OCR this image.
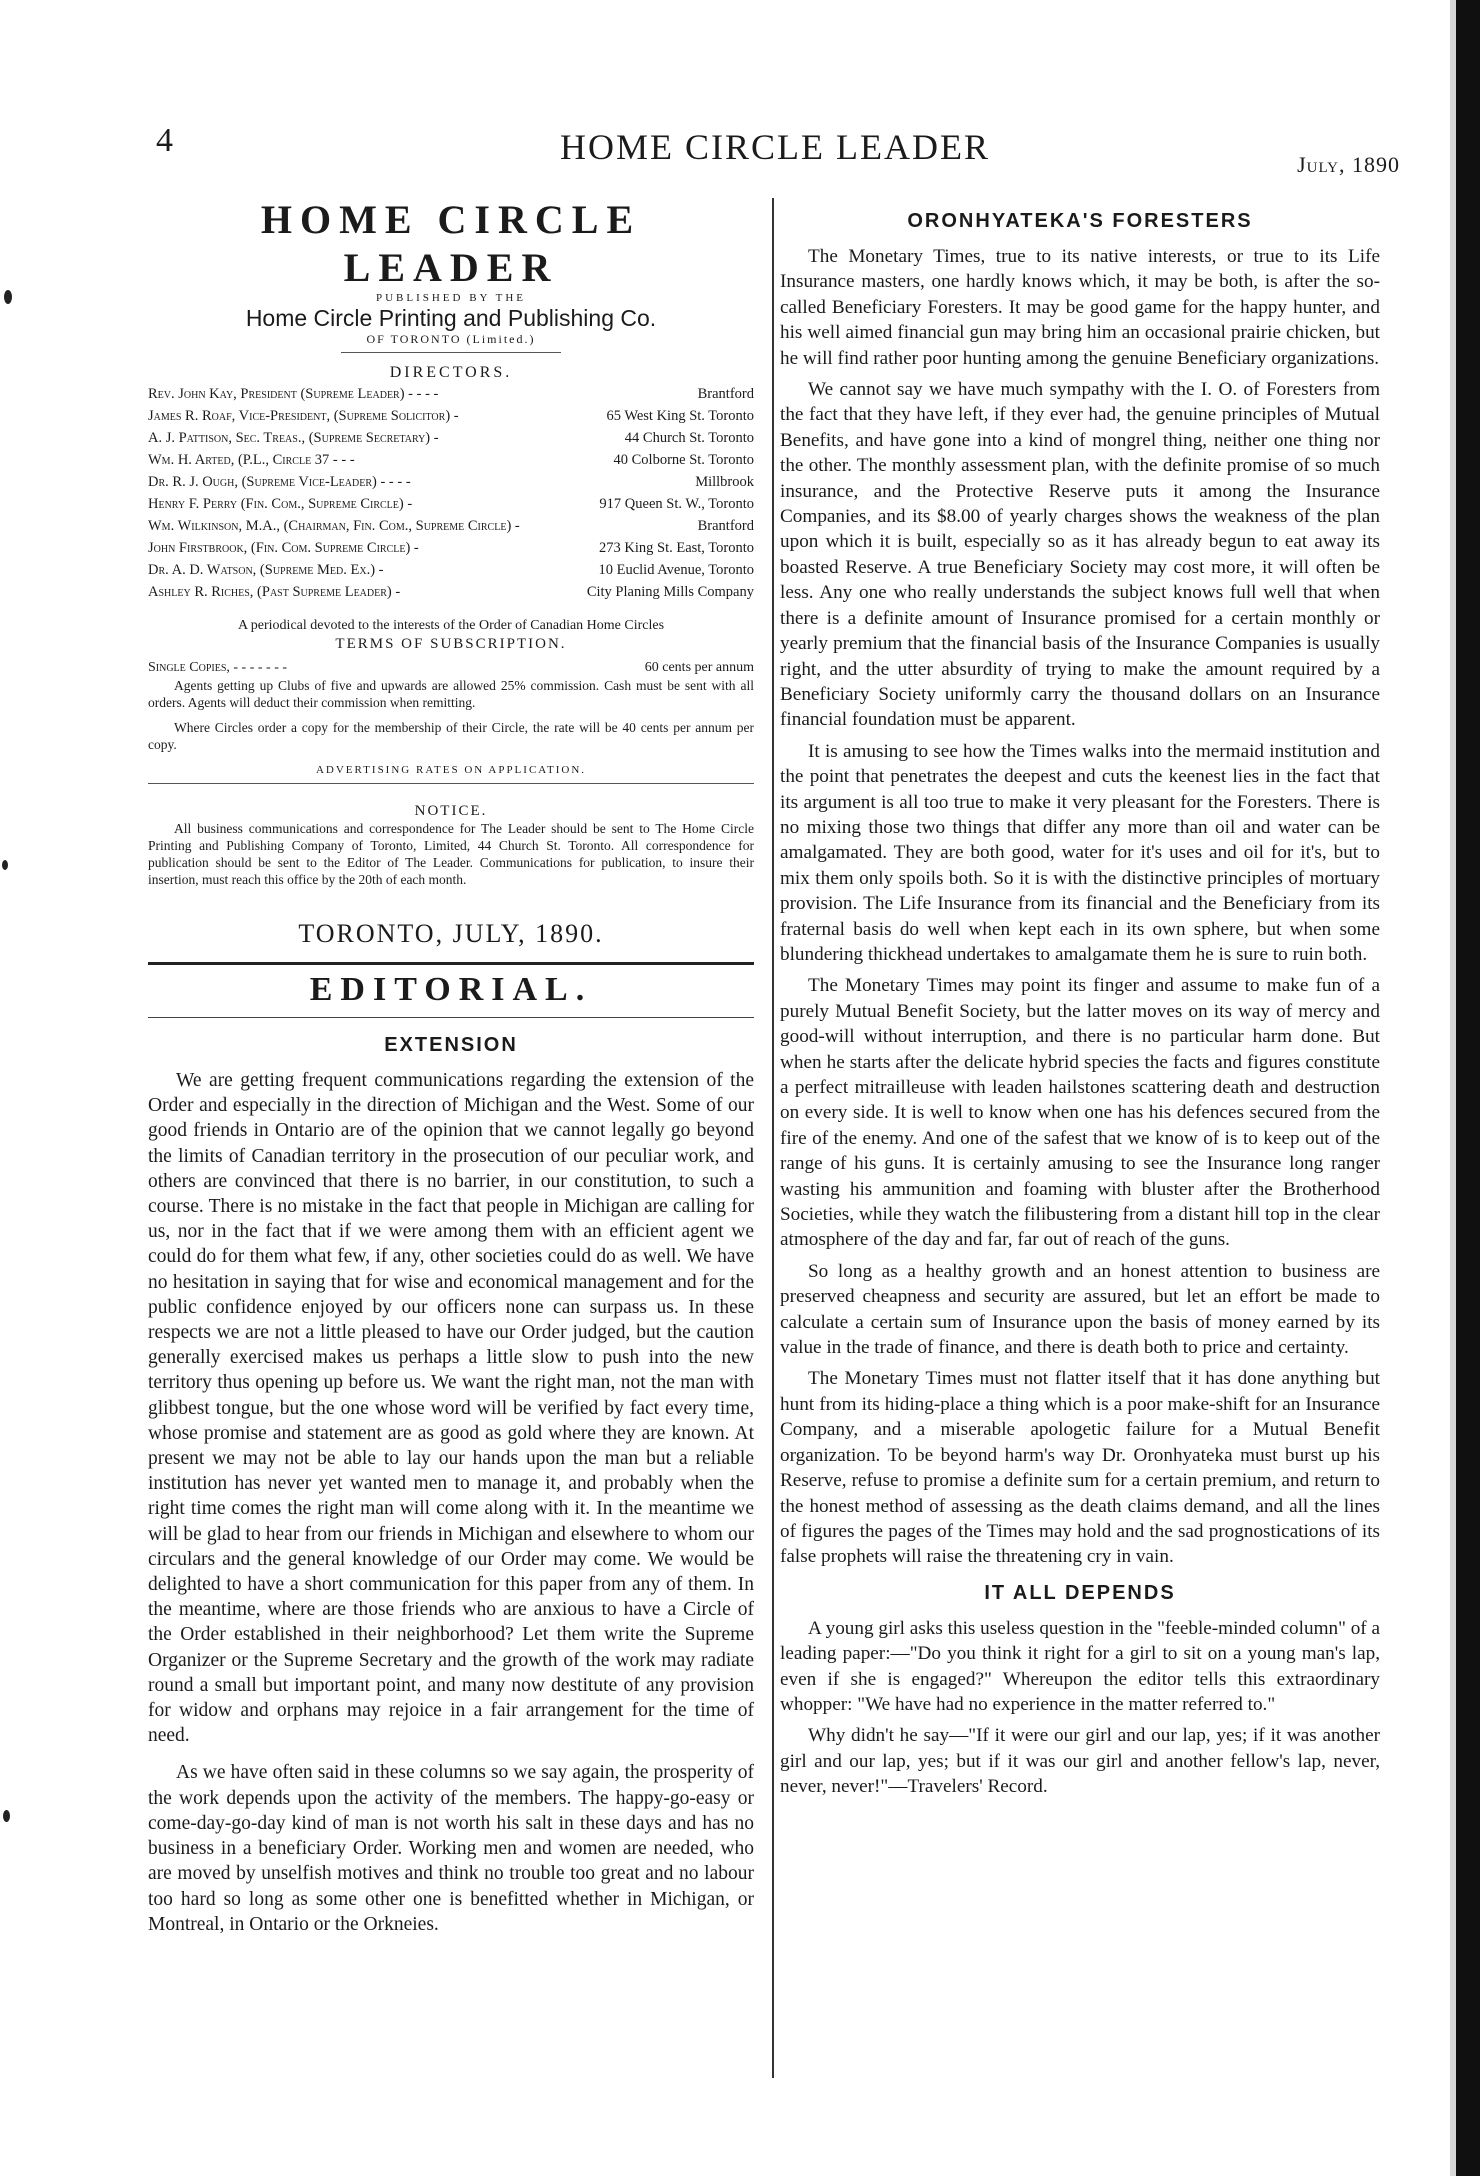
4	HOME CIRCLE LEADER	July, 1890
HOME CIRCLE LEADER
PUBLISHED BY THE
Home Circle Printing and Publishing Co.
OF TORONTO (Limited.)
DIRECTORS.
Rev. John Kay, President (Supreme Leader) - - - -	Brantford
James R. Roaf, Vice-President, (Supreme Solicitor) -	65 West King St. Toronto
A. J. Pattison, Sec. Treas., (Supreme Secretary) -	44 Church St. Toronto
Wm. H. Arted, (P.L., Circle 37 - - -	40 Colborne St. Toronto
Dr. R. J. Ough, (Supreme Vice-Leader) - - - -	Millbrook
Henry F. Perry (Fin. Com., Supreme Circle) -	917 Queen St. W., Toronto
Wm. Wilkinson, M.A., (Chairman, Fin. Com., Supreme Circle) -	Brantford
John Firstbrook, (Fin. Com. Supreme Circle) -	273 King St. East, Toronto
Dr. A. D. Watson, (Supreme Med. Ex.) -	10 Euclid Avenue, Toronto
Ashley R. Riches, (Past Supreme Leader) -	City Planing Mills Company
A periodical devoted to the interests of the Order of Canadian Home Circles
TERMS OF SUBSCRIPTION.
Single Copies, - - - - - - -	60 cents per annum

Agents getting up Clubs of five and upwards are allowed 25% commission. Cash must be sent with all orders. Agents will deduct their commission when remitting.

Where Circles order a copy for the membership of their Circle, the rate will be 40 cents per annum per copy.

ADVERTISING RATES ON APPLICATION.
NOTICE.

All business communications and correspondence for The Leader should be sent to The Home Circle Printing and Publishing Company of Toronto, Limited, 44 Church St. Toronto. All correspondence for publication should be sent to the Editor of The Leader. Communications for publication, to insure their insertion, must reach this office by the 20th of each month.

TORONTO, JULY, 1890.
EDITORIAL.
EXTENSION

We are getting frequent communications regarding the extension of the Order and especially in the direction of Michigan and the West. Some of our good friends in Ontario are of the opinion that we cannot legally go beyond the limits of Canadian territory in the prosecution of our peculiar work, and others are convinced that there is no barrier, in our constitution, to such a course. There is no mistake in the fact that people in Michigan are calling for us, nor in the fact that if we were among them with an efficient agent we could do for them what few, if any, other societies could do as well. We have no hesitation in saying that for wise and economical management and for the public confidence enjoyed by our officers none can surpass us. In these respects we are not a little pleased to have our Order judged, but the caution generally exercised makes us perhaps a little slow to push into the new territory thus opening up before us. We want the right man, not the man with glibbest tongue, but the one whose word will be verified by fact every time, whose promise and statement are as good as gold where they are known. At present we may not be able to lay our hands upon the man but a reliable institution has never yet wanted men to manage it, and probably when the right time comes the right man will come along with it. In the meantime we will be glad to hear from our friends in Michigan and elsewhere to whom our circulars and the general knowledge of our Order may come. We would be delighted to have a short communication for this paper from any of them. In the meantime, where are those friends who are anxious to have a Circle of the Order established in their neighborhood? Let them write the Supreme Organizer or the Supreme Secretary and the growth of the work may radiate round a small but important point, and many now destitute of any provision for widow and orphans may rejoice in a fair arrangement for the time of need.

As we have often said in these columns so we say again, the prosperity of the work depends upon the activity of the members. The happy-go-easy or come-day-go-day kind of man is not worth his salt in these days and has no business in a beneficiary Order. Working men and women are needed, who are moved by unselfish motives and think no trouble too great and no labour too hard so long as some other one is benefitted whether in Michigan, or Montreal, in Ontario or the Orkneies.

ORONHYATEKA'S FORESTERS

The Monetary Times, true to its native interests, or true to its Life Insurance masters, one hardly knows which, it may be both, is after the so-called Beneficiary Foresters. It may be good game for the happy hunter, and his well aimed financial gun may bring him an occasional prairie chicken, but he will find rather poor hunting among the genuine Beneficiary organizations.

We cannot say we have much sympathy with the I. O. of Foresters from the fact that they have left, if they ever had, the genuine principles of Mutual Benefits, and have gone into a kind of mongrel thing, neither one thing nor the other. The monthly assessment plan, with the definite promise of so much insurance, and the Protective Reserve puts it among the Insurance Companies, and its $8.00 of yearly charges shows the weakness of the plan upon which it is built, especially so as it has already begun to eat away its boasted Reserve. A true Beneficiary Society may cost more, it will often be less. Any one who really understands the subject knows full well that when there is a definite amount of Insurance promised for a certain monthly or yearly premium that the financial basis of the Insurance Companies is usually right, and the utter absurdity of trying to make the amount required by a Beneficiary Society uniformly carry the thousand dollars on an Insurance financial foundation must be apparent.

It is amusing to see how the Times walks into the mermaid institution and the point that penetrates the deepest and cuts the keenest lies in the fact that its argument is all too true to make it very pleasant for the Foresters. There is no mixing those two things that differ any more than oil and water can be amalgamated. They are both good, water for it's uses and oil for it's, but to mix them only spoils both. So it is with the distinctive principles of mortuary provision. The Life Insurance from its financial and the Beneficiary from its fraternal basis do well when kept each in its own sphere, but when some blundering thickhead undertakes to amalgamate them he is sure to ruin both.

The Monetary Times may point its finger and assume to make fun of a purely Mutual Benefit Society, but the latter moves on its way of mercy and good-will without interruption, and there is no particular harm done. But when he starts after the delicate hybrid species the facts and figures constitute a perfect mitrailleuse with leaden hailstones scattering death and destruction on every side. It is well to know when one has his defences secured from the fire of the enemy. And one of the safest that we know of is to keep out of the range of his guns. It is certainly amusing to see the Insurance long ranger wasting his ammunition and foaming with bluster after the Brotherhood Societies, while they watch the filibustering from a distant hill top in the clear atmosphere of the day and far, far out of reach of the guns.

So long as a healthy growth and an honest attention to business are preserved cheapness and security are assured, but let an effort be made to calculate a certain sum of Insurance upon the basis of money earned by its value in the trade of finance, and there is death both to price and certainty.

The Monetary Times must not flatter itself that it has done anything but hunt from its hiding-place a thing which is a poor make-shift for an Insurance Company, and a miserable apologetic failure for a Mutual Benefit organization. To be beyond harm's way Dr. Oronhyateka must burst up his Reserve, refuse to promise a definite sum for a certain premium, and return to the honest method of assessing as the death claims demand, and all the lines of figures the pages of the Times may hold and the sad prognostications of its false prophets will raise the threatening cry in vain.

IT ALL DEPENDS

A young girl asks this useless question in the "feeble-minded column" of a leading paper:—"Do you think it right for a girl to sit on a young man's lap, even if she is engaged?" Whereupon the editor tells this extraordinary whopper: "We have had no experience in the matter referred to."

Why didn't he say—"If it were our girl and our lap, yes; if it was another girl and our lap, yes; but if it was our girl and another fellow's lap, never, never, never!"—Travelers' Record.
